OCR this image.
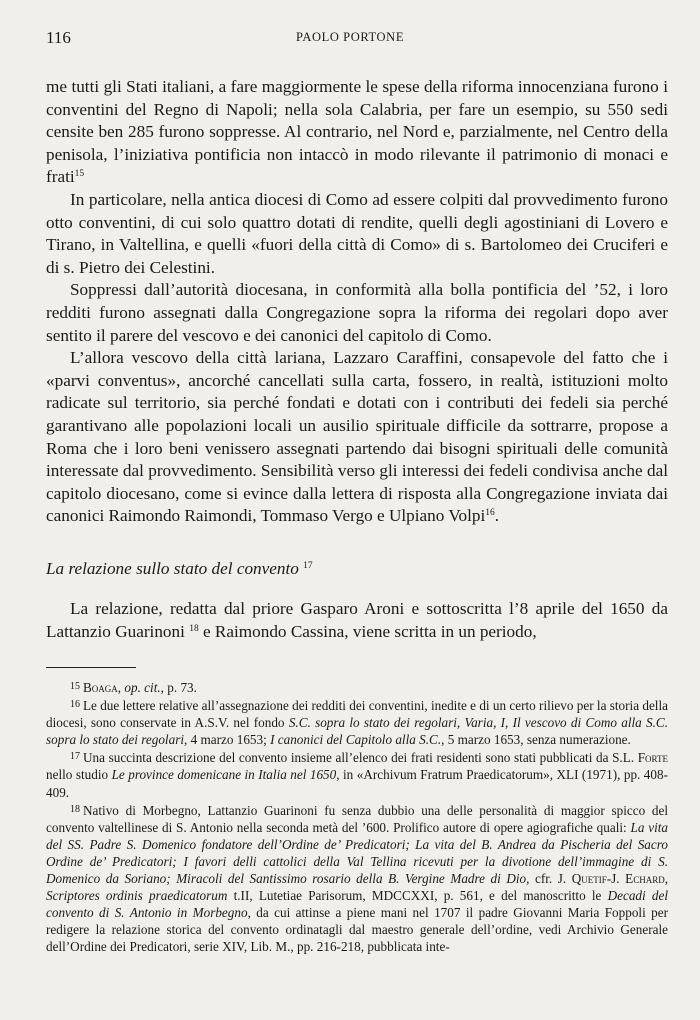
116	PAOLO PORTONE

me tutti gli Stati italiani, a fare maggiormente le spese della riforma innocenziana furono i conventini del Regno di Napoli; nella sola Calabria, per fare un esempio, su 550 sedi censite ben 285 furono soppresse. Al contrario, nel Nord e, parzialmente, nel Centro della penisola, l’iniziativa pontificia non intaccò in modo rilevante il patrimonio di monaci e frati$^{15}$

In particolare, nella antica diocesi di Como ad essere colpiti dal provvedimento furono otto conventini, di cui solo quattro dotati di rendite, quelli degli agostiniani di Lovero e Tirano, in Valtellina, e quelli «fuori della città di Como» di s. Bartolomeo dei Cruciferi e di s. Pietro dei Celestini.

Soppressi dall’autorità diocesana, in conformità alla bolla pontificia del ’52, i loro redditi furono assegnati dalla Congregazione sopra la riforma dei regolari dopo aver sentito il parere del vescovo e dei canonici del capitolo di Como.

L’allora vescovo della città lariana, Lazzaro Caraffini, consapevole del fatto che i «parvi conventus», ancorché cancellati sulla carta, fossero, in realtà, istituzioni molto radicate sul territorio, sia perché fondati e dotati con i contributi dei fedeli sia perché garantivano alle popolazioni locali un ausilio spirituale difficile da sottrarre, propose a Roma che i loro beni venissero assegnati partendo dai bisogni spirituali delle comunità interessate dal provvedimento. Sensibilità verso gli interessi dei fedeli condivisa anche dal capitolo diocesano, come si evince dalla lettera di risposta alla Congregazione inviata dai canonici Raimondo Raimondi, Tommaso Vergo e Ulpiano Volpi$^{16}$.

La relazione sullo stato del convento $^{17}$

La relazione, redatta dal priore Gasparo Aroni e sottoscritta l’8 aprile del 1650 da Lattanzio Guarinoni $^{18}$ e Raimondo Cassina, viene scritta in un periodo,

$^{15}$ Boaga, op. cit., p. 73.

$^{16}$ Le due lettere relative all’assegnazione dei redditi dei conventini, inedite e di un certo rilievo per la storia della diocesi, sono conservate in A.S.V. nel fondo S.C. sopra lo stato dei regolari, Varia, I, Il vescovo di Como alla S.C. sopra lo stato dei regolari, 4 marzo 1653; I canonici del Capitolo alla S.C., 5 marzo 1653, senza numerazione.

$^{17}$ Una succinta descrizione del convento insieme all’elenco dei frati residenti sono stati pubblicati da S.L. Forte nello studio Le province domenicane in Italia nel 1650, in «Archivum Fratrum Praedicatorum», XLI (1971), pp. 408-409.

$^{18}$ Nativo di Morbegno, Lattanzio Guarinoni fu senza dubbio una delle personalità di maggior spicco del convento valtellinese di S. Antonio nella seconda metà del ’600. Prolifico autore di opere agiografiche quali: La vita del SS. Padre S. Domenico fondatore dell’Ordine de’ Predicatori; La vita del B. Andrea da Pischeria del Sacro Ordine de’ Predicatori; I favori delli cattolici della Val Tellina ricevuti per la divotione dell’immagine di S. Domenico da Soriano; Miracoli del Santissimo rosario della B. Vergine Madre di Dio, cfr. J. Quetif-J. Echard, Scriptores ordinis praedicatorum t.II, Lutetiae Parisorum, MDCCXXI, p. 561, e del manoscritto le Decadi del convento di S. Antonio in Morbegno, da cui attinse a piene mani nel 1707 il padre Giovanni Maria Foppoli per redigere la relazione storica del convento ordinatagli dal maestro generale dell’ordine, vedi Archivio Generale dell’Ordine dei Predicatori, serie XIV, Lib. M., pp. 216-218, pubblicata inte-
